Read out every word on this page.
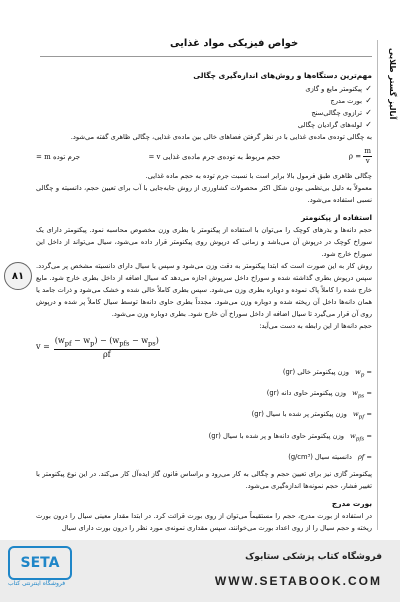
خواص فیزیکی مواد غذایی
آنالیز گستر طلایی
۸۱
مهم‌ترین دستگاه‌ها و روش‌های اندازه‌گیری چگالی
✓
پیکنومتر مایع و گازی
✓
بورت مدرج
✓
ترازوی چگالی‌سنج
✓
لوله‌های گرادیان چگالی

به چگالی توده‌ی ماده‌ی غذایی با در نظر گرفتن فضاهای خالی بین ماده‌ی غذایی، چگالی ظاهری گفته می‌شود.

= m جرم توده	= v حجم مربوط به توده‌ی جرم ماده‌ی غذایی	$\rho = \frac{m}{v}$

چگالی ظاهری طبق فرمول بالا برابر است با نسبت جرم توده به حجم ماده غذایی.

معمولاً به دلیل بی‌نظمی بودن شکل اکثر محصولات کشاورزی از روش جابه‌جایی با آب برای تعیین حجم، دانسیته و چگالی نسبی استفاده می‌شود.

استفاده از پیکنومتر

حجم دانه‌ها و بذرهای کوچک را می‌توان با استفاده از پیکنومتر یا بطری وزن مخصوص محاسبه نمود. پیکنومتر دارای یک سوراخ کوچک در درپوش آن می‌باشد و زمانی که درپوش روی پیکنومتر قرار داده می‌شود، سیال می‌تواند از داخل این سوراخ خارج شود.

روش کار به این صورت است که ابتدا پیکنومتر به دقت وزن می‌شود و سپس با سیال دارای دانسیته مشخص پر می‌گردد. سپس درپوش بطری گذاشته شده و سوراخ داخل سرپوش اجازه می‌دهد که سیال اضافه از داخل بطری خارج شود. مایع خارج شده را کاملاً پاک نموده و دوباره بطری وزن می‌شود. سپس بطری کاملاً خالی شده و خشک می‌شود و ذرات جامد یا همان دانه‌ها داخل آن ریخته شده و دوباره وزن می‌شود. مجدداً بطری حاوی دانه‌ها توسط سیال کاملاً پر شده و درپوش روی آن قرار می‌گیرد تا سیال اضافه از داخل سوراخ آن خارج شود. بطری دوباره وزن می‌شود.

حجم دانه‌ها از این رابطه به دست می‌آید:

$v = \frac{(w_{pf} - w_p) - (w_{pfs} - w_{ps})}{\rho f}$
$w_p$ =
وزن پیکنومتر خالی (gr)
$w_{ps}$ =
وزن پیکنومتر حاوی دانه (gr)
$w_{pf}$ =
وزن پیکنومتر پر شده با سیال (gr)
$w_{pfs}$ =
وزن پیکنومتر حاوی دانه‌ها و پر شده با سیال (gr)
ρf =
دانسیته سیال (g/cm³)

پیکنومتر گازی نیز برای تعیین حجم و چگالی به کار می‌رود و براساس قانون گاز ایده‌آل کار می‌کند. در این نوع پیکنومتر با تغییر فشار، حجم نمونه‌ها اندازه‌گیری می‌شود.

بورت مدرج

در استفاده از بورت مدرج، حجم را مستقیماً می‌توان از روی بورت قرائت کرد. در ابتدا مقدار معینی سیال را درون بورت ریخته و حجم سیال را از روی اعداد بورت می‌خوانند، سپس مقداری نمونه‌ی مورد نظر را درون بورت دارای سیال

SETA
فروشگاه اینترنتی کتاب
فروشگاه کتاب پزشکی ستابوک
WWW.SETABOOK.COM
